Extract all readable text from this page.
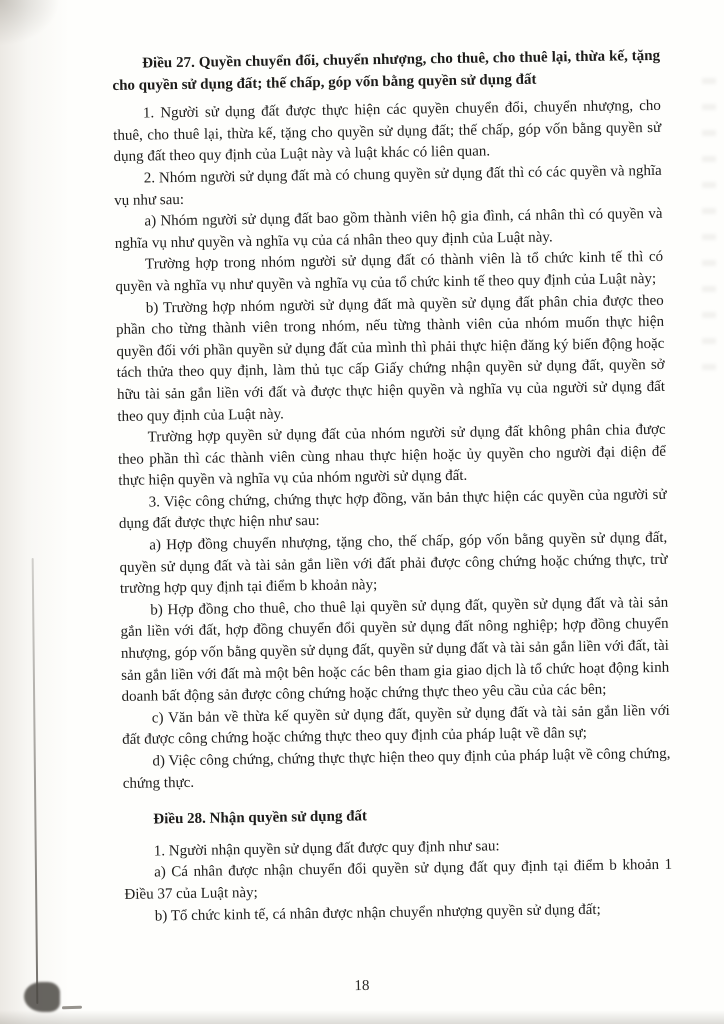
Điều 27. Quyền chuyển đổi, chuyển nhượng, cho thuê, cho thuê lại, thừa kế, tặng cho quyền sử dụng đất; thế chấp, góp vốn bằng quyền sử dụng đất

1. Người sử dụng đất được thực hiện các quyền chuyển đổi, chuyển nhượng, cho thuê, cho thuê lại, thừa kế, tặng cho quyền sử dụng đất; thế chấp, góp vốn bằng quyền sử dụng đất theo quy định của Luật này và luật khác có liên quan.

2. Nhóm người sử dụng đất mà có chung quyền sử dụng đất thì có các quyền và nghĩa vụ như sau:

a) Nhóm người sử dụng đất bao gồm thành viên hộ gia đình, cá nhân thì có quyền và nghĩa vụ như quyền và nghĩa vụ của cá nhân theo quy định của Luật này.

Trường hợp trong nhóm người sử dụng đất có thành viên là tổ chức kinh tế thì có quyền và nghĩa vụ như quyền và nghĩa vụ của tổ chức kinh tế theo quy định của Luật này;

b) Trường hợp nhóm người sử dụng đất mà quyền sử dụng đất phân chia được theo phần cho từng thành viên trong nhóm, nếu từng thành viên của nhóm muốn thực hiện quyền đối với phần quyền sử dụng đất của mình thì phải thực hiện đăng ký biến động hoặc tách thửa theo quy định, làm thủ tục cấp Giấy chứng nhận quyền sử dụng đất, quyền sở hữu tài sản gắn liền với đất và được thực hiện quyền và nghĩa vụ của người sử dụng đất theo quy định của Luật này.

Trường hợp quyền sử dụng đất của nhóm người sử dụng đất không phân chia được theo phần thì các thành viên cùng nhau thực hiện hoặc ủy quyền cho người đại diện để thực hiện quyền và nghĩa vụ của nhóm người sử dụng đất.

3. Việc công chứng, chứng thực hợp đồng, văn bản thực hiện các quyền của người sử dụng đất được thực hiện như sau:

a) Hợp đồng chuyển nhượng, tặng cho, thế chấp, góp vốn bằng quyền sử dụng đất, quyền sử dụng đất và tài sản gắn liền với đất phải được công chứng hoặc chứng thực, trừ trường hợp quy định tại điểm b khoản này;

b) Hợp đồng cho thuê, cho thuê lại quyền sử dụng đất, quyền sử dụng đất và tài sản gắn liền với đất, hợp đồng chuyển đổi quyền sử dụng đất nông nghiệp; hợp đồng chuyển nhượng, góp vốn bằng quyền sử dụng đất, quyền sử dụng đất và tài sản gắn liền với đất, tài sản gắn liền với đất mà một bên hoặc các bên tham gia giao dịch là tổ chức hoạt động kinh doanh bất động sản được công chứng hoặc chứng thực theo yêu cầu của các bên;

c) Văn bản về thừa kế quyền sử dụng đất, quyền sử dụng đất và tài sản gắn liền với đất được công chứng hoặc chứng thực theo quy định của pháp luật về dân sự;

d) Việc công chứng, chứng thực thực hiện theo quy định của pháp luật về công chứng, chứng thực.

Điều 28. Nhận quyền sử dụng đất

1. Người nhận quyền sử dụng đất được quy định như sau:

a) Cá nhân được nhận chuyển đổi quyền sử dụng đất quy định tại điểm b khoản 1 Điều 37 của Luật này;

b) Tổ chức kinh tế, cá nhân được nhận chuyển nhượng quyền sử dụng đất;

18
